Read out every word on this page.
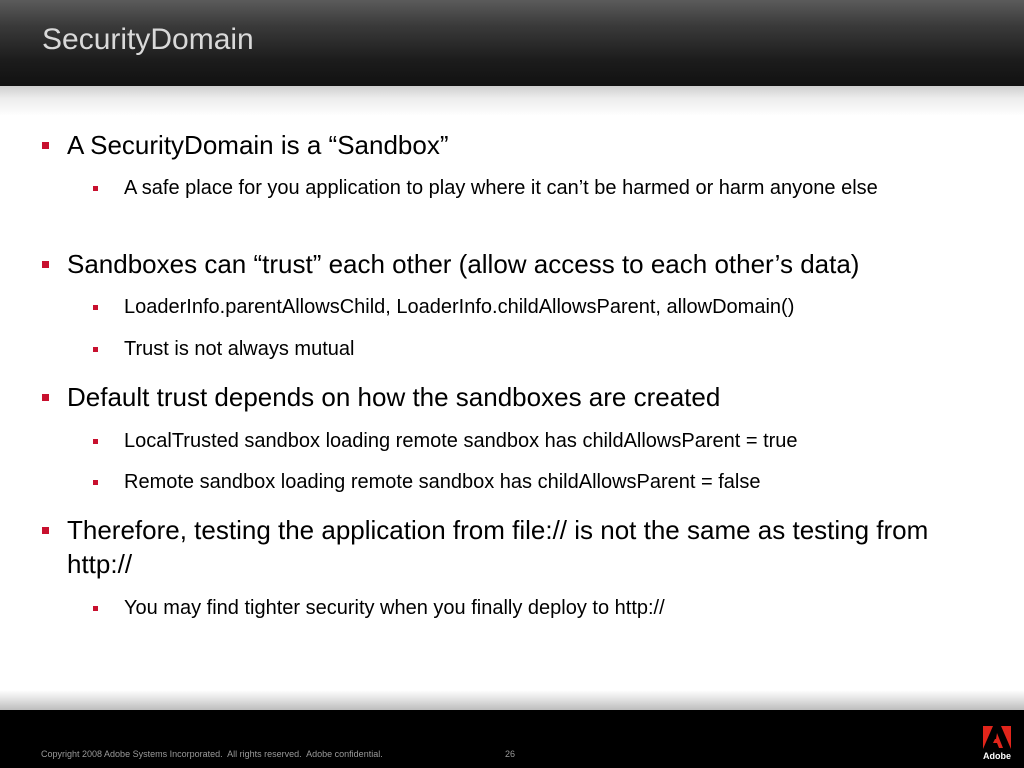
SecurityDomain
A SecurityDomain is a “Sandbox”
A safe place for you application to play where it can’t be harmed or harm anyone else
Sandboxes can “trust” each other (allow access to each other’s data)
LoaderInfo.parentAllowsChild, LoaderInfo.childAllowsParent, allowDomain()
Trust is not always mutual
Default trust depends on how the sandboxes are created
LocalTrusted sandbox loading remote sandbox has childAllowsParent = true
Remote sandbox loading remote sandbox has childAllowsParent = false
Therefore, testing the application from file:// is not the same as testing from http://
You may find tighter security when you finally deploy to http://
Copyright 2008 Adobe Systems Incorporated.  All rights reserved.  Adobe confidential.	26	Adobe
